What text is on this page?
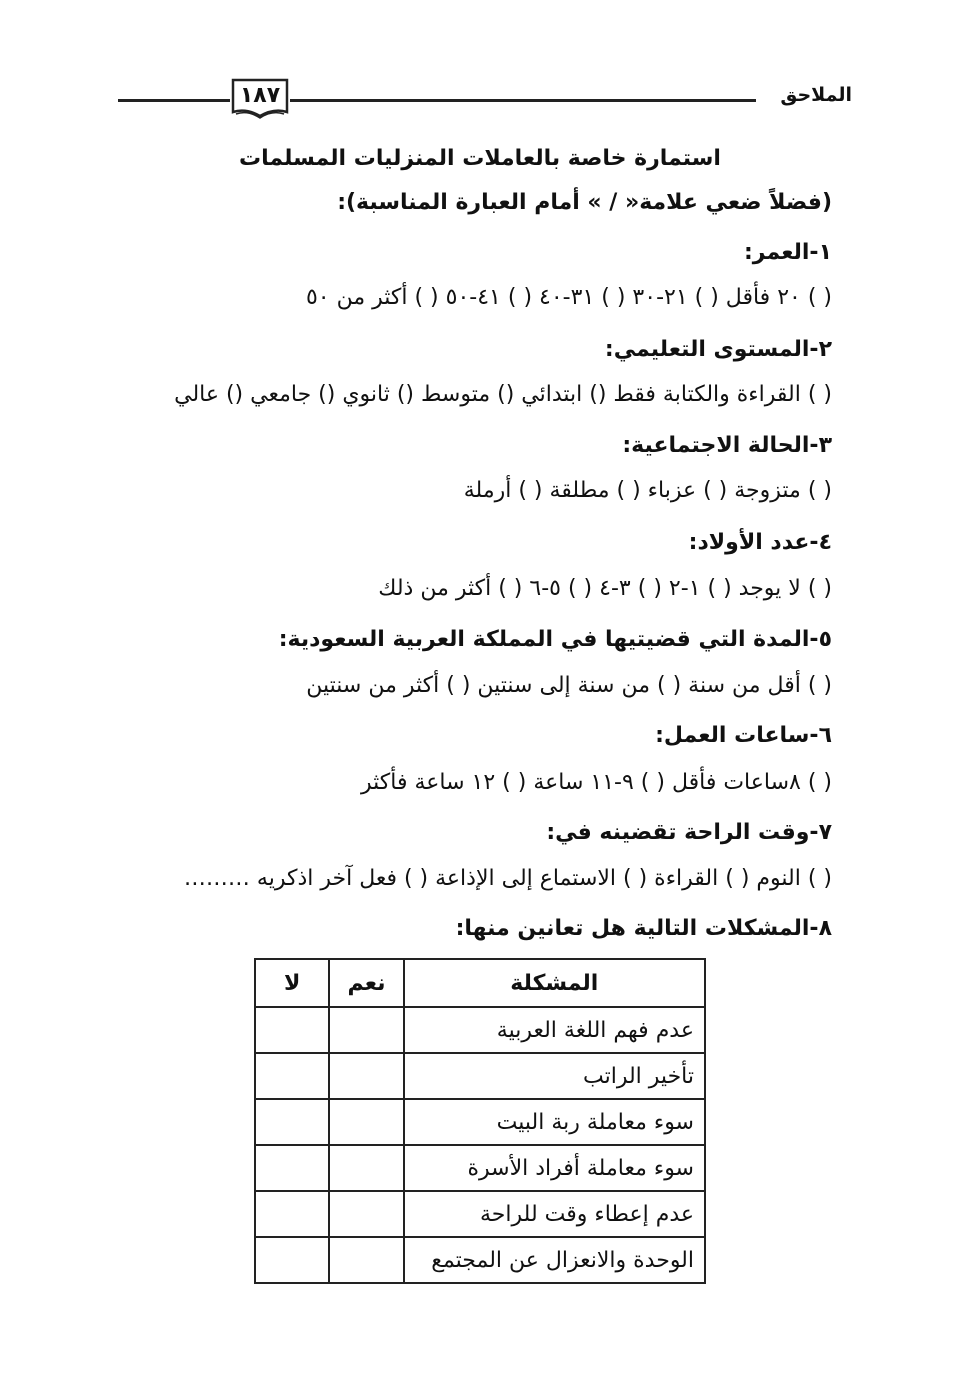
١٨٧	الملاحق
استمارة خاصة بالعاملات المنزليات المسلمات
(فضلاً ضعي علامة« / » أمام العبارة المناسبة):
١-العمر:
( ) ٢٠ فأقل ( ) ٢١-٣٠ ( ) ٣١-٤٠ ( ) ٤١-٥٠ ( ) أكثر من ٥٠
٢-المستوى التعليمي:
( ) القراءة والكتابة فقط () ابتدائي () متوسط () ثانوي () جامعي () عالي
٣-الحالة الاجتماعية:
( ) متزوجة ( ) عزباء ( ) مطلقة ( ) أرملة
٤-عدد الأولاد:
( ) لا يوجد ( ) ١-٢ ( ) ٣-٤ ( ) ٥-٦ ( ) أكثر من ذلك
٥-المدة التي قضيتيها في المملكة العربية السعودية:
( ) أقل من سنة ( ) من سنة إلى سنتين ( ) أكثر من سنتين
٦-ساعات العمل:
( ) ٨ساعات فأقل ( ) ٩-١١ ساعة ( ) ١٢ ساعة فأكثر
٧-وقت الراحة تقضينه في:
( ) النوم ( ) القراءة ( ) الاستماع إلى الإذاعة ( ) فعل آخر اذكريه ………
٨-المشكلات التالية هل تعانين منها:
المشكلة	نعم	لا
عدم فهم اللغة العربية		
تأخير الراتب		
سوء معاملة ربة البيت		
سوء معاملة أفراد الأسرة		
عدم إعطاء وقت للراحة		
الوحدة والانعزال عن المجتمع		
